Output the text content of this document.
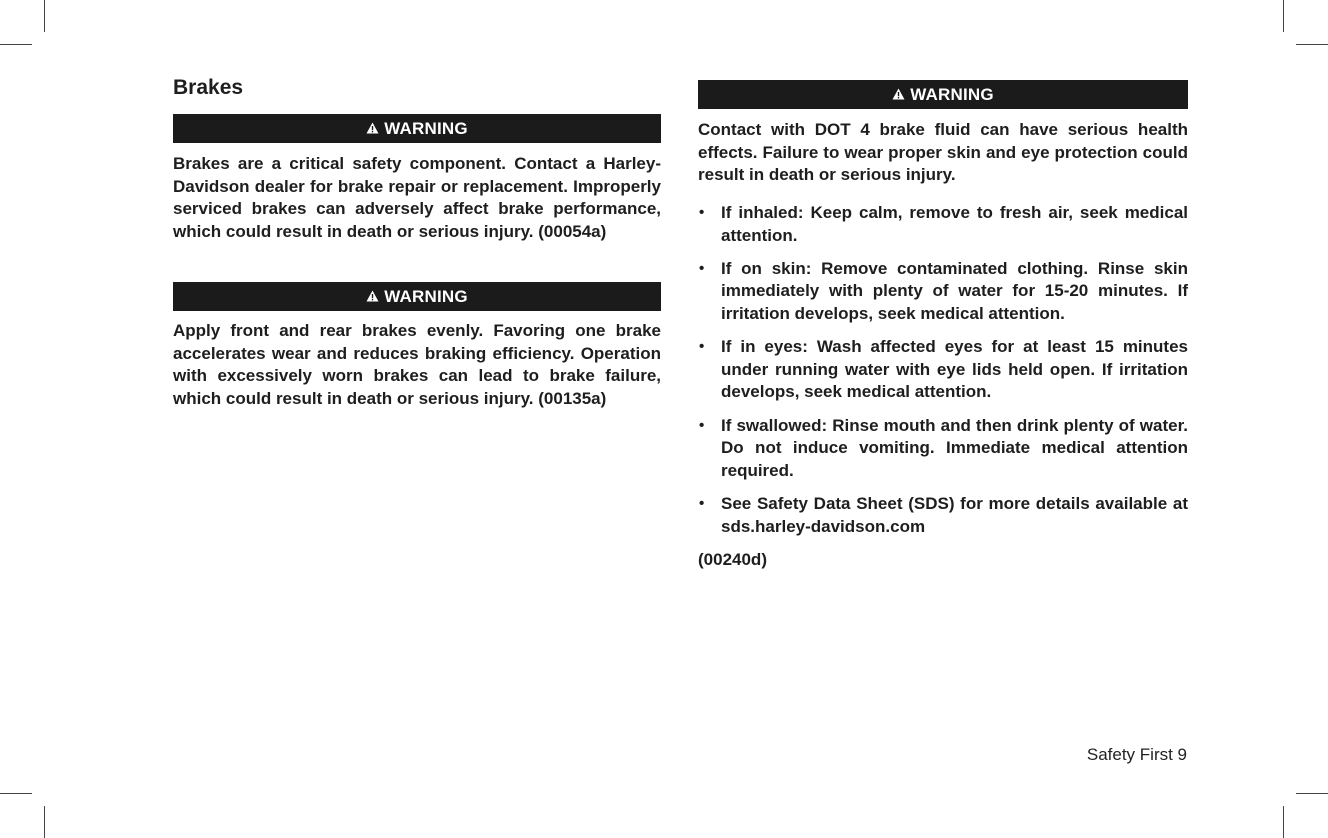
Brakes
WARNING

Brakes are a critical safety component. Contact a Harley-Davidson dealer for brake repair or replacement. Improperly serviced brakes can adversely affect brake performance, which could result in death or serious injury. (00054a)

WARNING

Apply front and rear brakes evenly. Favoring one brake accelerates wear and reduces braking efficiency. Operation with excessively worn brakes can lead to brake failure, which could result in death or serious injury. (00135a)

WARNING

Contact with DOT 4 brake fluid can have serious health effects. Failure to wear proper skin and eye protection could result in death or serious injury.

• If inhaled: Keep calm, remove to fresh air, seek medical attention.
• If on skin: Remove contaminated clothing. Rinse skin immediately with plenty of water for 15-20 minutes. If irritation develops, seek medical attention.
• If in eyes: Wash affected eyes for at least 15 minutes under running water with eye lids held open. If irritation develops, seek medical attention.
• If swallowed: Rinse mouth and then drink plenty of water. Do not induce vomiting. Immediate medical attention required.
• See Safety Data Sheet (SDS) for more details available at sds.harley-davidson.com

(00240d)

Safety First 9
